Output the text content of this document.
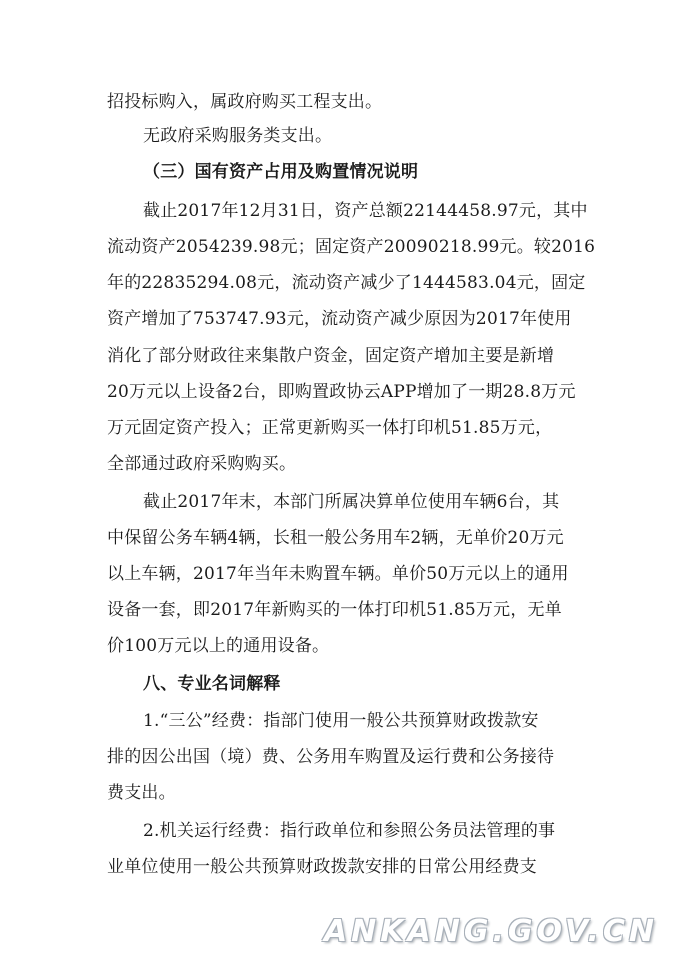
招投标购入，属政府购买工程支出。
无政府采购服务类支出。
（三）国有资产占用及购置情况说明
截止2017年12月31日，资产总额22144458.97元，其中
流动资产2054239.98元；固定资产20090218.99元。较2016
年的22835294.08元，流动资产减少了1444583.04元，固定
资产增加了753747.93元，流动资产减少原因为2017年使用
消化了部分财政往来集散户资金，固定资产增加主要是新增
20万元以上设备2台，即购置政协云APP增加了一期28.8万元
万元固定资产投入；正常更新购买一体打印机51.85万元，
全部通过政府采购购买。
截止2017年末，本部门所属决算单位使用车辆6台，其
中保留公务车辆4辆，长租一般公务用车2辆，无单价20万元
以上车辆，2017年当年未购置车辆。单价50万元以上的通用
设备一套，即2017年新购买的一体打印机51.85万元，无单
价100万元以上的通用设备。
八、专业名词解释
1.“三公”经费：指部门使用一般公共预算财政拨款安
排的因公出国（境）费、公务用车购置及运行费和公务接待
费支出。
2.机关运行经费：指行政单位和参照公务员法管理的事
业单位使用一般公共预算财政拨款安排的日常公用经费支
ANKANG.GOV.CN
